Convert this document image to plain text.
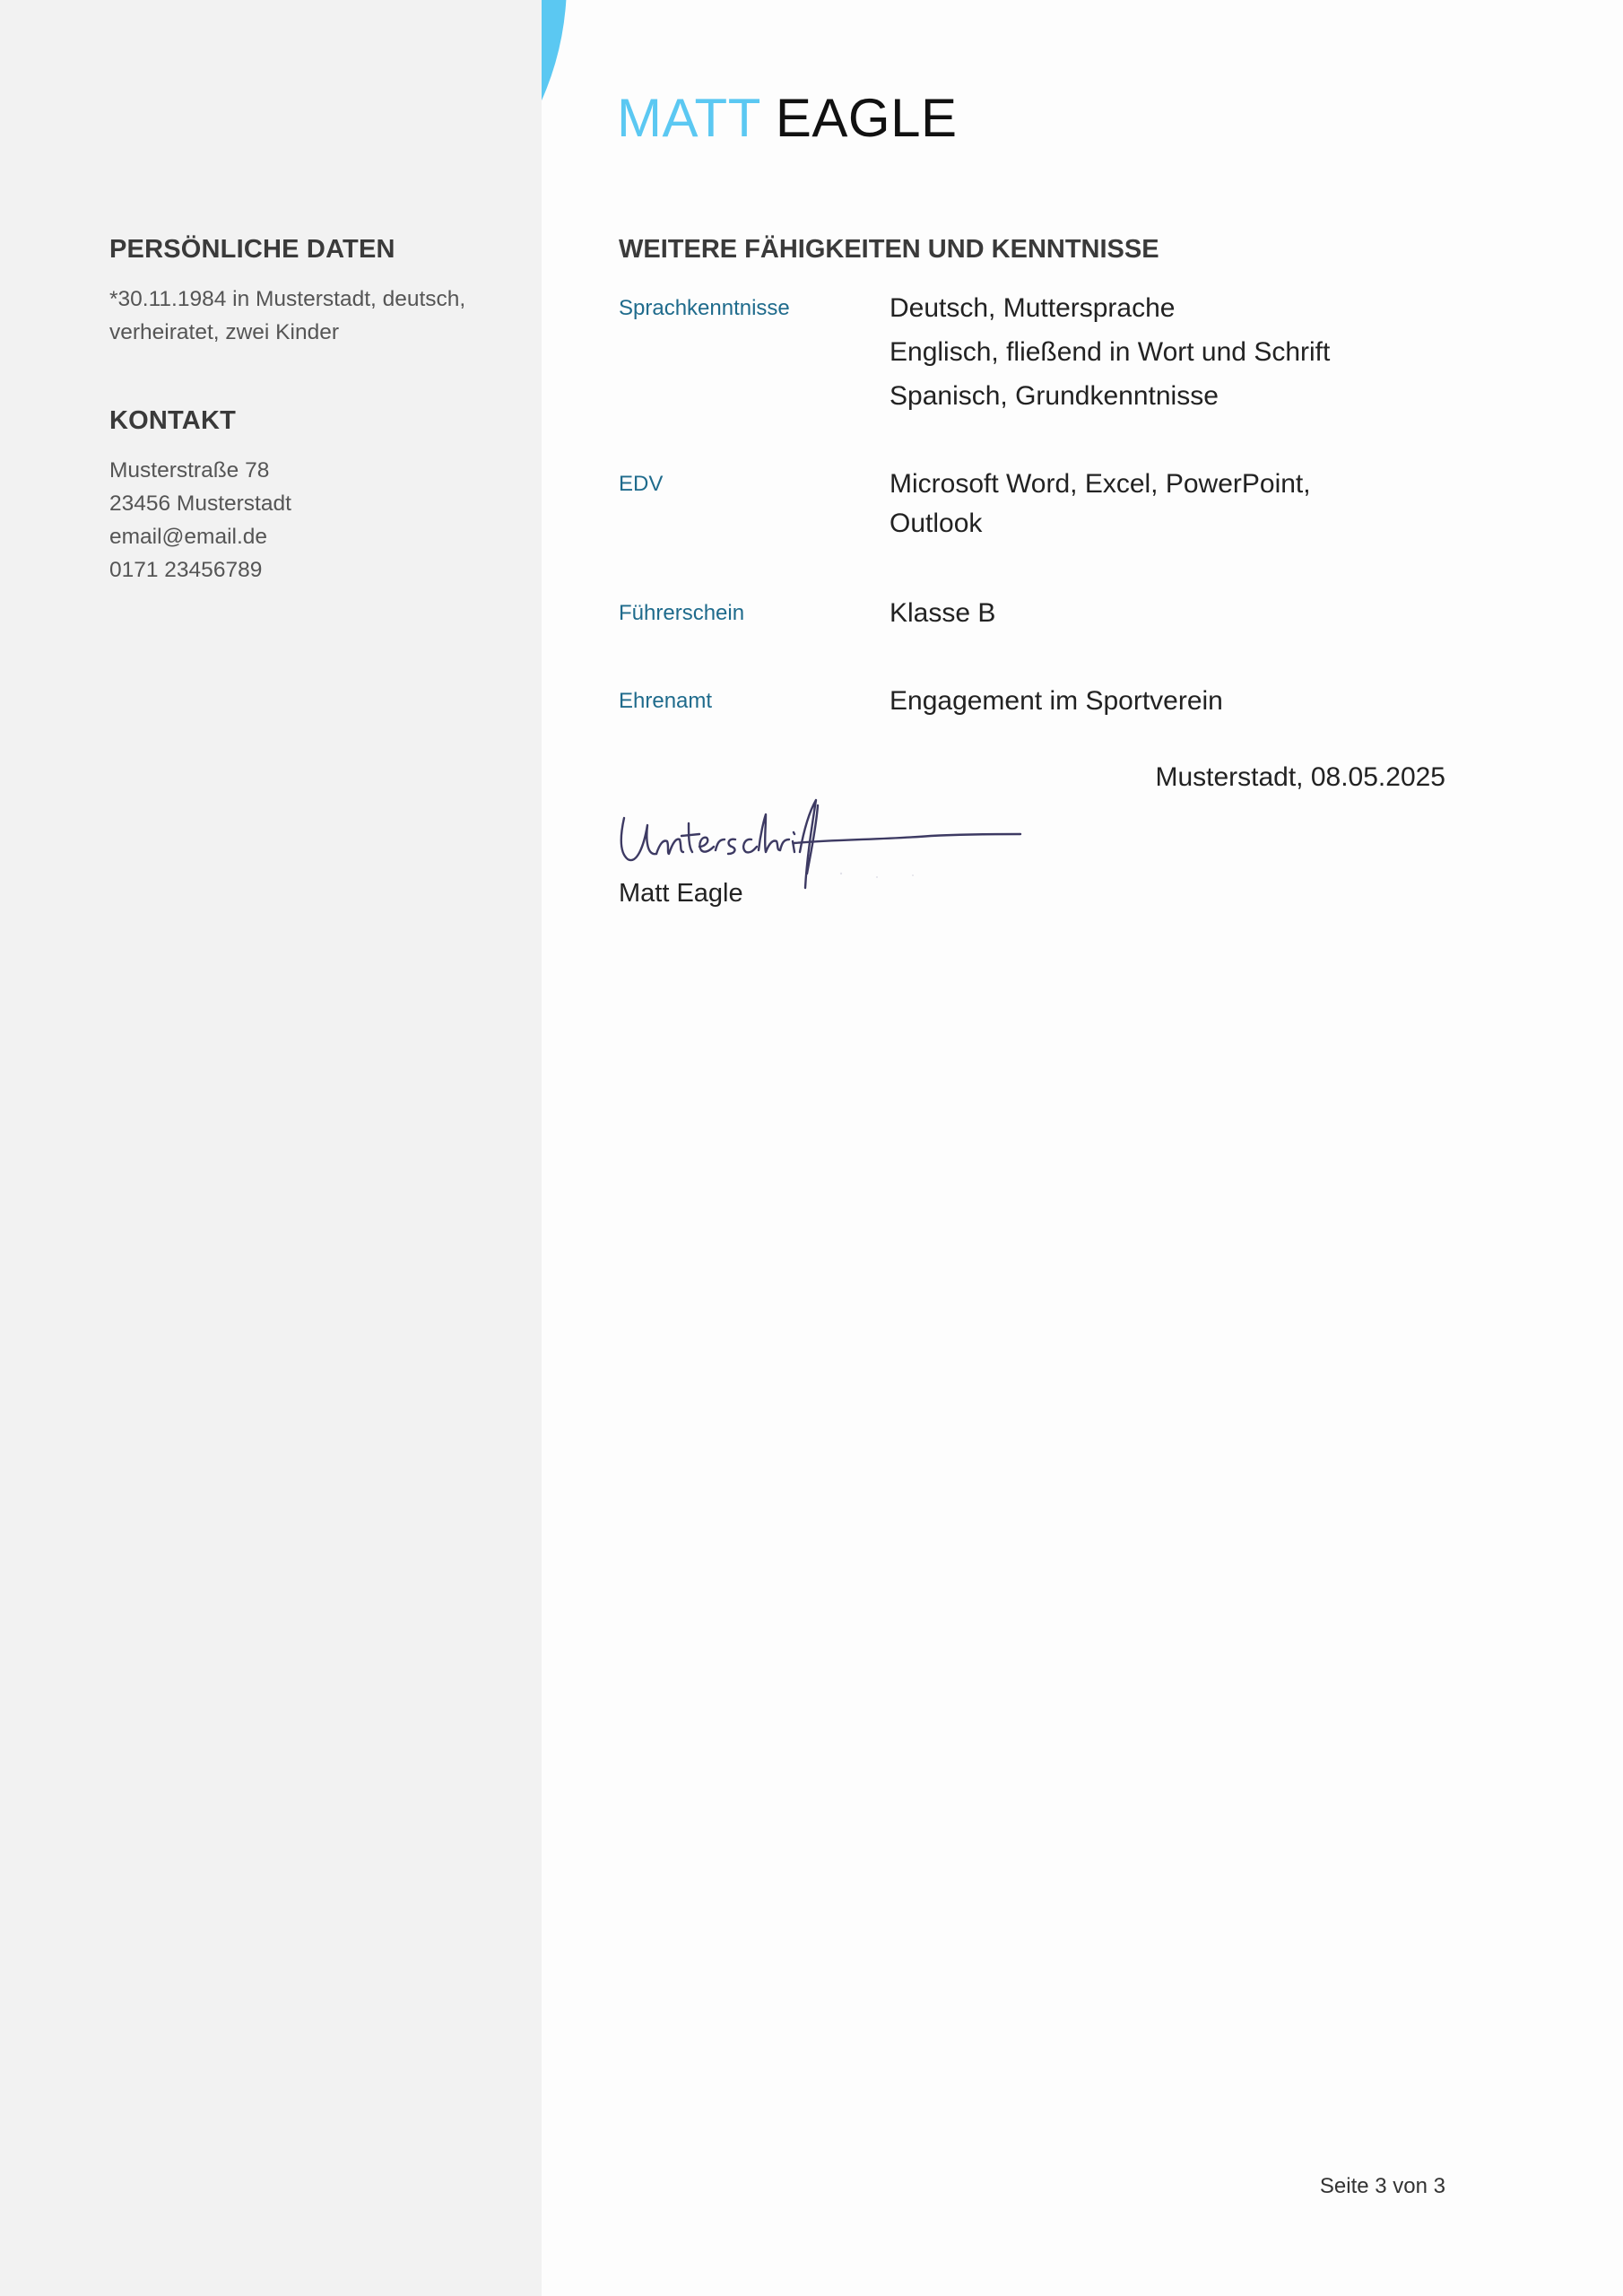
PERSÖNLICHE DATEN
*30.11.1984 in Musterstadt, deutsch,
verheiratet, zwei Kinder
KONTAKT
Musterstraße 78
23456 Musterstadt
email@email.de
0171 23456789
MATT EAGLE
WEITERE FÄHIGKEITEN UND KENNTNISSE
Sprachkenntnisse	Deutsch, Muttersprache
Englisch, fließend in Wort und Schrift
Spanisch, Grundkenntnisse
EDV	Microsoft Word, Excel, PowerPoint, Outlook
Führerschein	Klasse B
Ehrenamt	Engagement im Sportverein
Musterstadt, 08.05.2025
Matt Eagle
Seite 3 von 3
